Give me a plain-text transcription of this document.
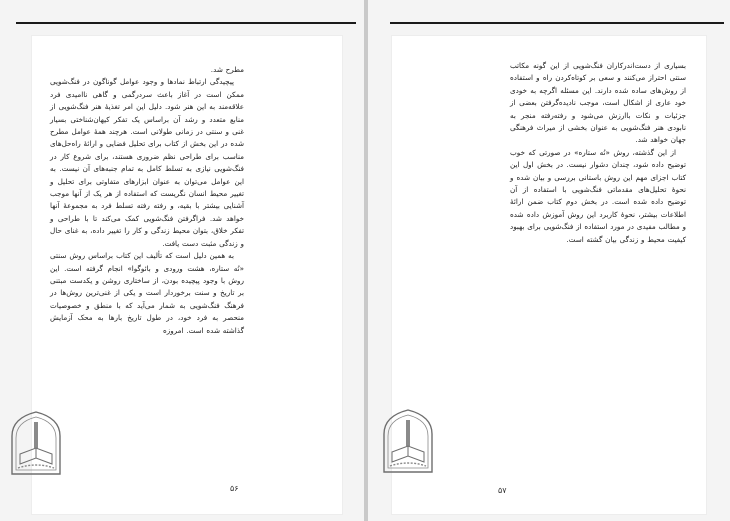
مطرح شد.

پیچیدگی ارتباط نمادها و وجود عوامل گوناگون در فنگ‌شویی ممکن است در آغاز باعث سردرگمی و گاهی ناامیدی فرد علاقه‌مند به این هنر شود. دلیل این امر تغذیهٔ هنر فنگ‌شویی از منابع متعدد و رشد آن براساس یک تفکر کیهان‌شناختی بسیار غنی و سنتی در زمانی طولانی است. هرچند همهٔ عوامل مطرح شده در این بخش از کتاب برای تحلیل فضایی و ارائهٔ راه‌حل‌های مناسب برای طراحی نظم ضروری هستند، برای شروع کار در فنگ‌شویی نیازی به تسلط کامل به تمام جنبه‌های آن نیست. به این عوامل می‌توان به عنوان ابزارهای متفاوتی برای تحلیل و تغییر محیط انسان نگریست که استفاده از هر یک از آنها موجب آشنایی بیشتر با بقیه، و رفته رفته تسلط فرد به مجموعهٔ آنها خواهد شد. فراگرفتن فنگ‌شویی کمک می‌کند تا با طراحی و تفکر خلاق، بتوان محیط زندگی و کار را تغییر داده، به غنای حال و زندگی مثبت دست یافت.

به همین دلیل است که تألیف این کتاب براساس روش سنتی «نُه ستاره، هشت ورودی و بائوگوا» انجام گرفته است. این روش با وجود پیچیده بودن، از ساختاری روشن و یکدست مبتنی بر تاریخ و سنت برخوردار است و یکی از غنی‌ترین روش‌ها در فرهنگ فنگ‌شویی به شمار می‌آید که با منطق و خصوصیات منحصر به فرد خود، در طول تاریخ بارها به محک آزمایش گذاشته شده است. امروزه

۵۶

بسیاری از دست‌اندرکاران فنگ‌شویی از این گونه مکاتب سنتی احتراز می‌کنند و سعی بر کوتاه‌کردن راه و استفاده از روش‌های ساده شده دارند. این مسئله اگرچه به خودی خود عاری از اشکال است، موجب نادیده‌گرفتن بعضی از جزئیات و نکات باارزش می‌شود و رفته‌رفته منجر به نابودی هنر فنگ‌شویی به عنوان بخشی از میراث فرهنگی جهان خواهد شد.

از این گذشته، روش «نُه ستاره» در صورتی که خوب توضیح داده شود، چندان دشوار نیست. در بخش اول این کتاب اجزای مهم این روش باستانی بررسی و بیان شده و نحوهٔ تحلیل‌های مقدماتی فنگ‌شویی با استفاده از آن توضیح داده شده است. در بخش دوم کتاب ضمن ارائهٔ اطلاعات بیشتر، نحوهٔ کاربرد این روش آموزش داده شده و مطالب مفیدی در مورد استفاده از فنگ‌شویی برای بهبود کیفیت محیط و زندگی بیان گشته است.

۵۷
